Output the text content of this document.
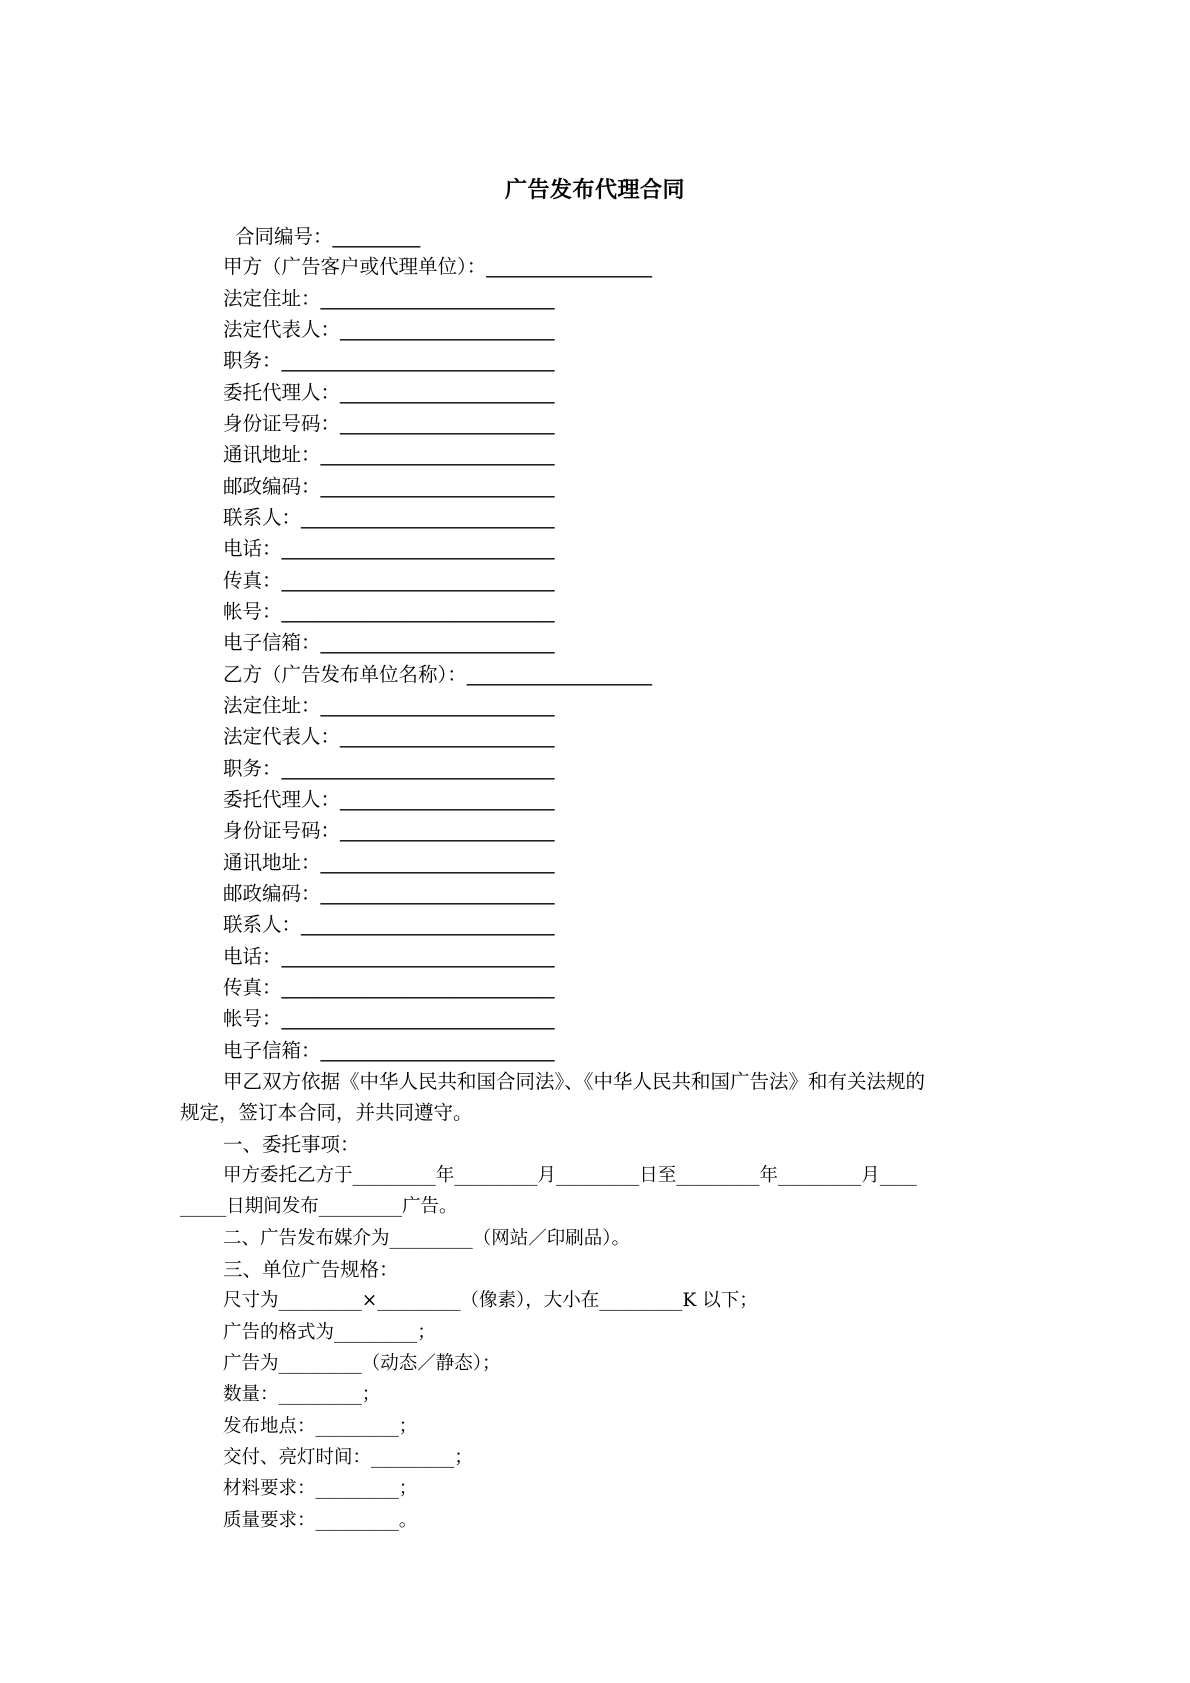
广告发布代理合同
合同编号：_________
甲方（广告客户或代理单位）：_________________
法定住址：________________________
法定代表人：______________________
职务：____________________________
委托代理人：______________________
身份证号码：______________________
通讯地址：________________________
邮政编码：________________________
联系人：__________________________
电话：____________________________
传真：____________________________
帐号：____________________________
电子信箱：________________________
乙方（广告发布单位名称）：___________________
法定住址：________________________
法定代表人：______________________
职务：____________________________
委托代理人：______________________
身份证号码：______________________
通讯地址：________________________
邮政编码：________________________
联系人：__________________________
电话：____________________________
传真：____________________________
帐号：____________________________
电子信箱：________________________
甲乙双方依据《中华人民共和国合同法》、《中华人民共和国广告法》和有关法规的
规定，签订本合同，并共同遵守。
一、委托事项：
甲方委托乙方于_________年_________月_________日至_________年_________月____
_____日期间发布_________广告。
二、广告发布媒介为_________（网站／印刷品）。
三、单位广告规格：
尺寸为_________×_________（像素），大小在_________K 以下；
广告的格式为_________；
广告为_________（动态／静态）；
数量：_________；
发布地点：_________；
交付、亮灯时间：_________；
材料要求：_________；
质量要求：_________。
